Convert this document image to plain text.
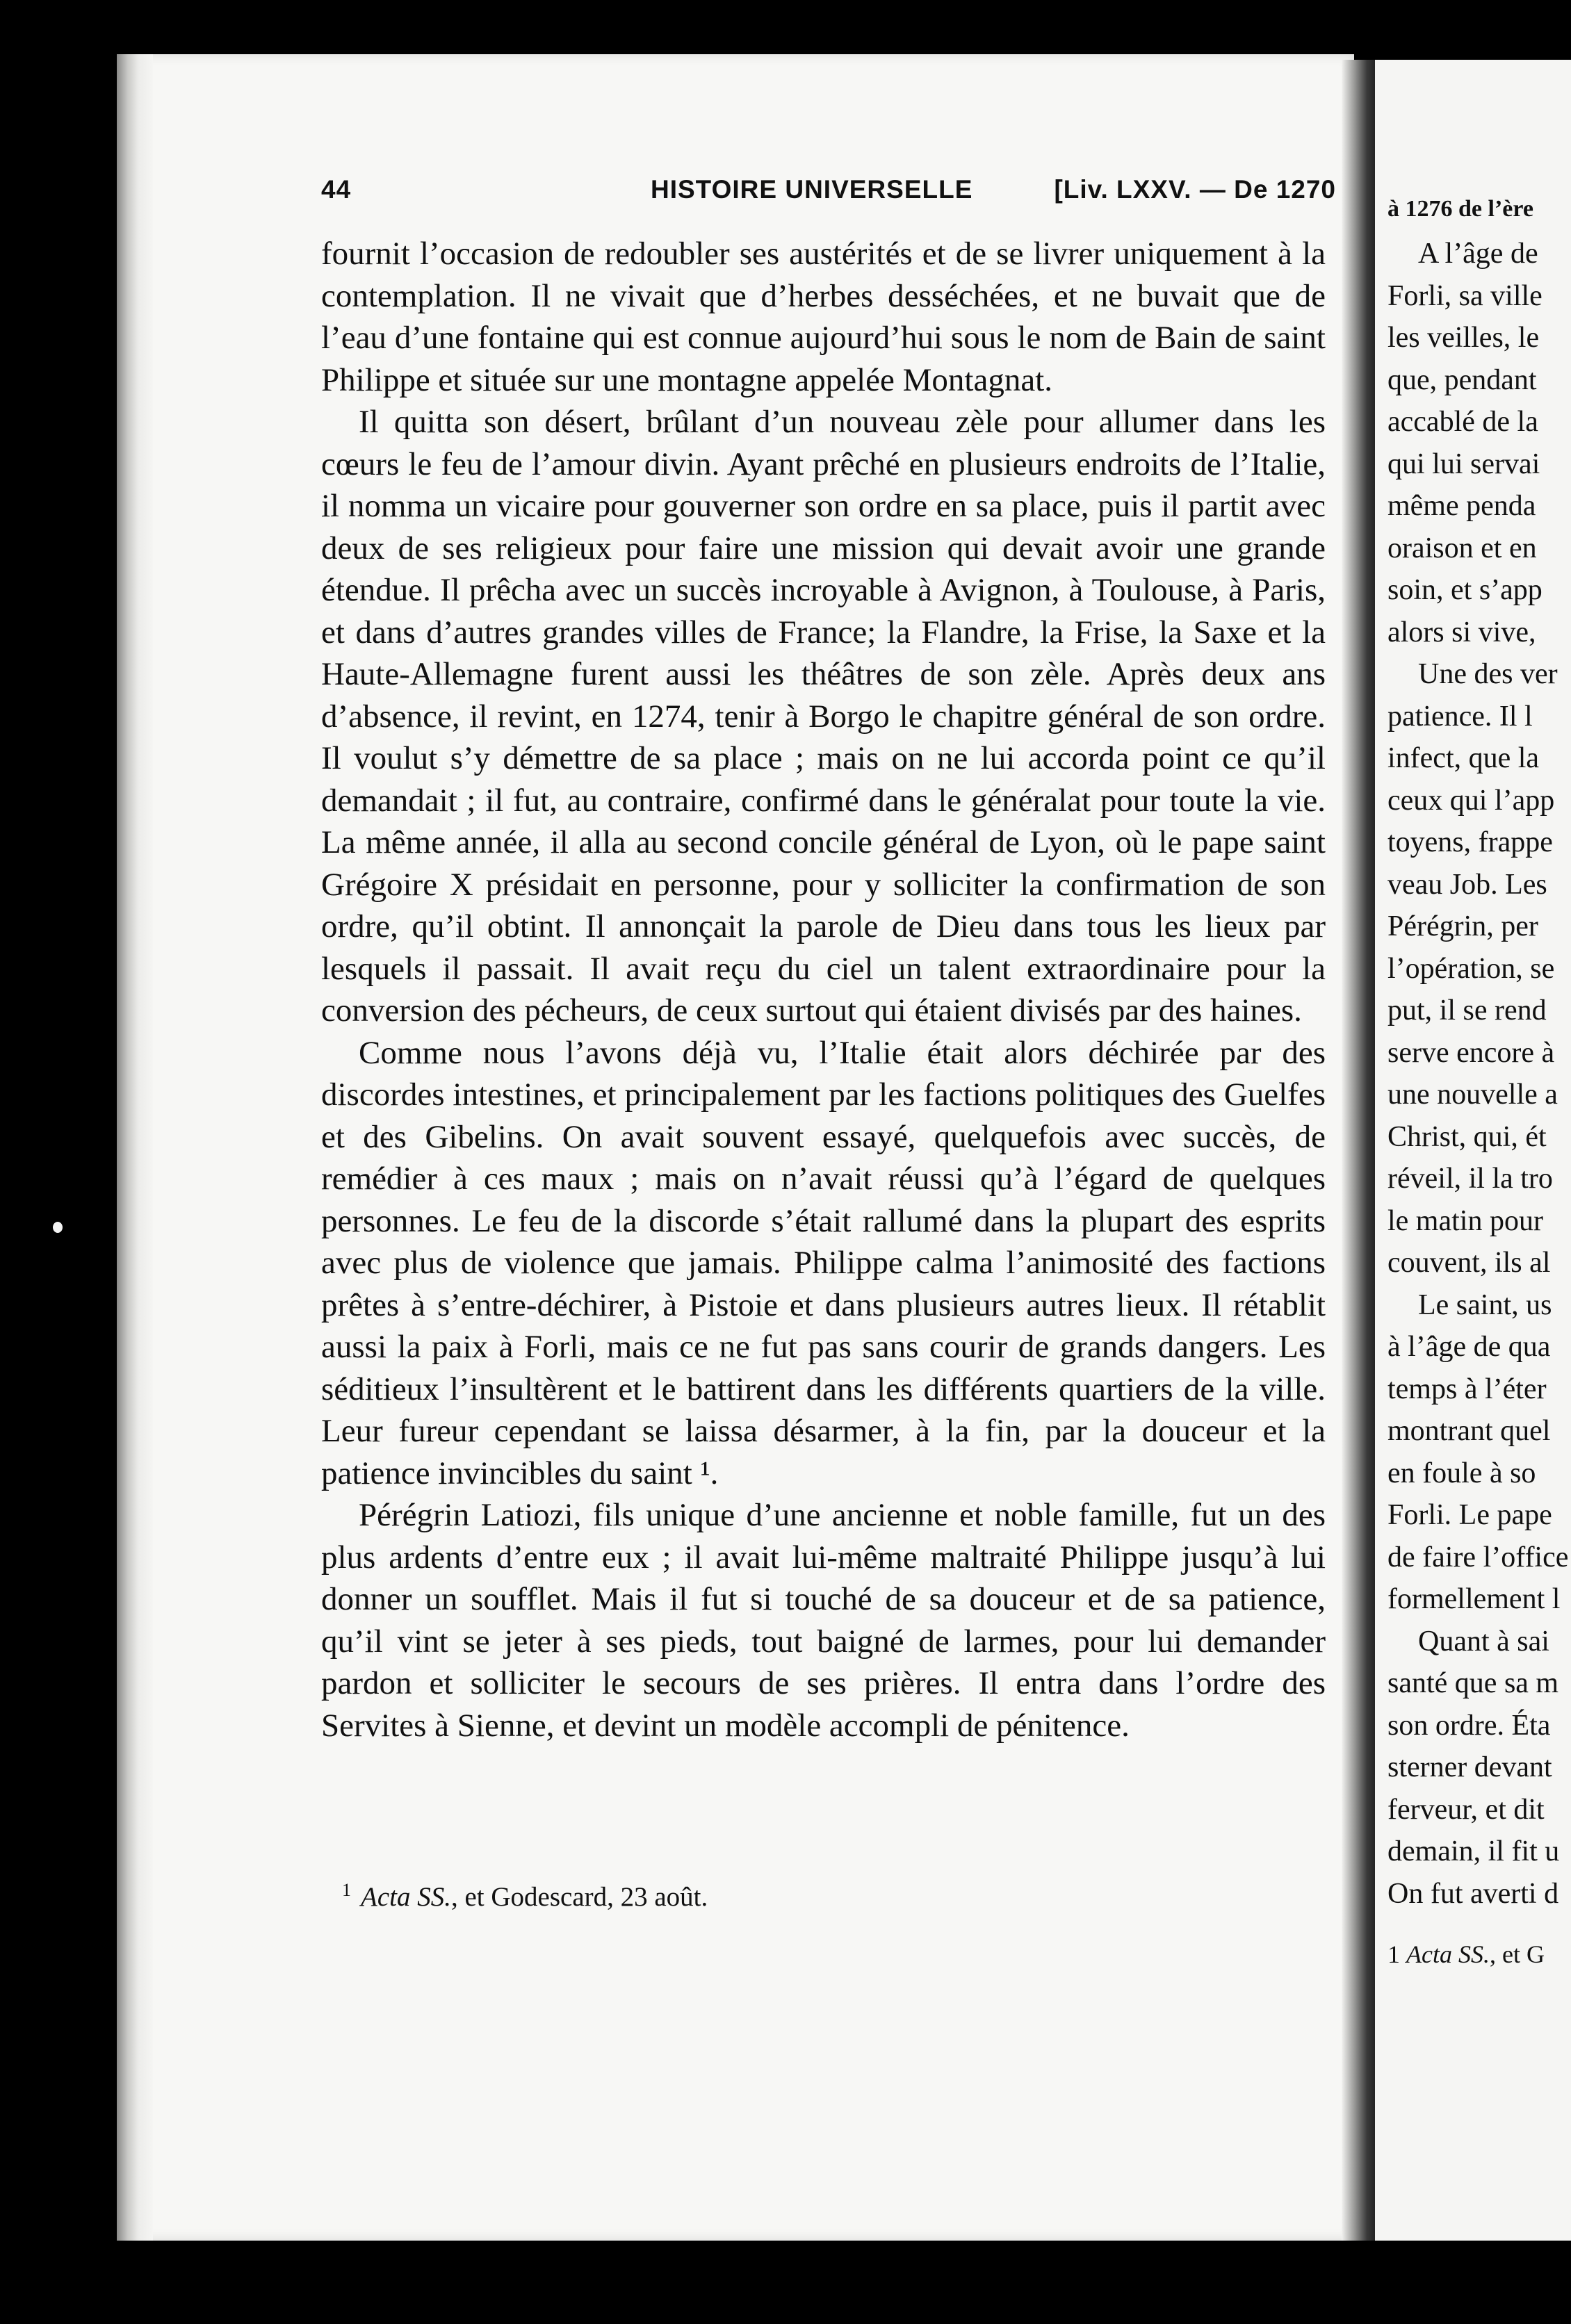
44	HISTOIRE UNIVERSELLE	[Liv. LXXV. — De 1270

fournit l’occasion de redoubler ses austérités et de se livrer uniquement à la contemplation. Il ne vivait que d’herbes desséchées, et ne buvait que de l’eau d’une fontaine qui est connue aujourd’hui sous le nom de Bain de saint Philippe et située sur une montagne appelée Montagnat.

Il quitta son désert, brûlant d’un nouveau zèle pour allumer dans les cœurs le feu de l’amour divin. Ayant prêché en plusieurs endroits de l’Italie, il nomma un vicaire pour gouverner son ordre en sa place, puis il partit avec deux de ses religieux pour faire une mission qui devait avoir une grande étendue. Il prêcha avec un succès incroyable à Avignon, à Toulouse, à Paris, et dans d’autres grandes villes de France; la Flandre, la Frise, la Saxe et la Haute-Allemagne furent aussi les théâtres de son zèle. Après deux ans d’absence, il revint, en 1274, tenir à Borgo le chapitre général de son ordre. Il voulut s’y démettre de sa place ; mais on ne lui accorda point ce qu’il demandait ; il fut, au contraire, confirmé dans le généralat pour toute la vie. La même année, il alla au second concile général de Lyon, où le pape saint Grégoire X présidait en personne, pour y solliciter la confirmation de son ordre, qu’il obtint. Il annonçait la parole de Dieu dans tous les lieux par lesquels il passait. Il avait reçu du ciel un talent extraordinaire pour la conversion des pécheurs, de ceux surtout qui étaient divisés par des haines.

Comme nous l’avons déjà vu, l’Italie était alors déchirée par des discordes intestines, et principalement par les factions politiques des Guelfes et des Gibelins. On avait souvent essayé, quelquefois avec succès, de remédier à ces maux ; mais on n’avait réussi qu’à l’égard de quelques personnes. Le feu de la discorde s’était rallumé dans la plupart des esprits avec plus de violence que jamais. Philippe calma l’animosité des factions prêtes à s’entre-déchirer, à Pistoie et dans plusieurs autres lieux. Il rétablit aussi la paix à Forli, mais ce ne fut pas sans courir de grands dangers. Les séditieux l’insultèrent et le battirent dans les différents quartiers de la ville. Leur fureur cependant se laissa désarmer, à la fin, par la douceur et la patience invincibles du saint ¹.

Pérégrin Latiozi, fils unique d’une ancienne et noble famille, fut un des plus ardents d’entre eux ; il avait lui-même maltraité Philippe jusqu’à lui donner un soufflet. Mais il fut si touché de sa douceur et de sa patience, qu’il vint se jeter à ses pieds, tout baigné de larmes, pour lui demander pardon et solliciter le secours de ses prières. Il entra dans l’ordre des Servites à Sienne, et devint un modèle accompli de pénitence.

$^1$ Acta SS., et Godescard, 23 août.
à 1276 de l’ère
A l’âge de
Forli, sa ville
les veilles, le
que, pendant
accablé de la
qui lui servai
même penda
oraison et en
soin, et s’app
alors si vive,
Une des ver
patience. Il l
infect, que la
ceux qui l’app
toyens, frappe
veau Job. Les
Pérégrin, per
l’opération, se
put, il se rend
serve encore à
une nouvelle a
Christ, qui, ét
réveil, il la tro
le matin pour
couvent, ils al
Le saint, us
à l’âge de qua
temps à l’éter
montrant quel
en foule à so
Forli. Le pape
de faire l’office
formellement l
Quant à sai
santé que sa m
son ordre. Éta
sterner devant
ferveur, et dit
demain, il fit u
On fut averti d
1 Acta SS., et G
